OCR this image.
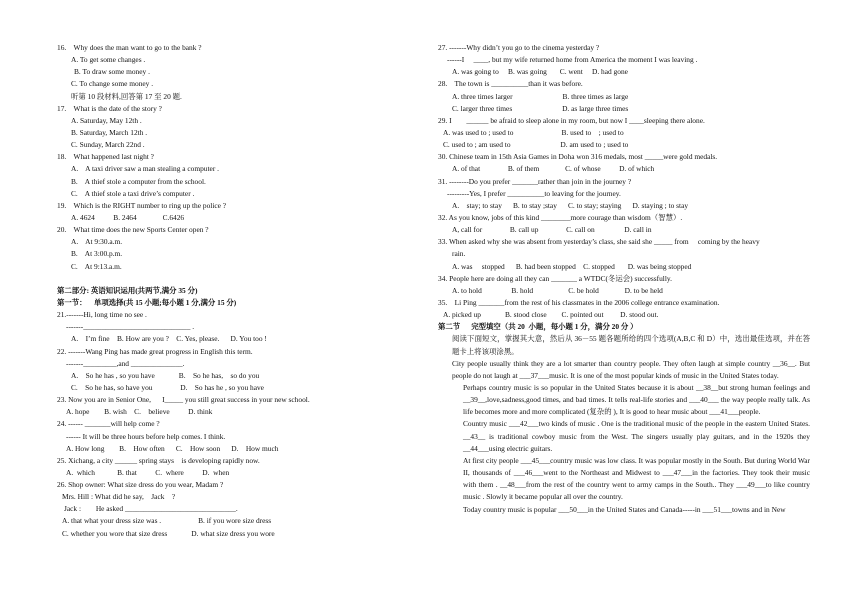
16.    Why does the man want to go to the bank ?
A. To get some changes .
B. To draw some money .
C. To change some money .
听第 10 段材料,回答第 17 至 20 题.
17.    What is the date of the story ?
A. Saturday, May 12th .
B. Saturday, March 12th .
C. Sunday, March 22nd .
18.    What happened last night ?
A.    A taxi driver saw a man stealing a computer .
B.    A thief stole a computer from the school.
C.    A thief stole a taxi drive’s computer .
19.    Which is the RIGHT number to ring up the police ?
A. 4624          B. 2464              C.6426
20.    What time does the new Sports Center open ?
A.    At 9:30.a.m.
B.    At 3:00.p.m.
C.    At 9:13.a.m.

第二部分: 英语知识运用(共两节,满分 35 分)
第一节：    单项选择(共 15 小题;每小题 1 分,满分 15 分)
21.-------Hi, long time no see .
-------_____________________________ .
A.    I’m fine    B. How are you ?    C. Yes, please.      D. You too !
22. -------Wang Ping has made great progress in English this term.
-------_________,and ______________.
A.    So he has , so you have             B.    So he has,    so do you
C.    So he has, so have you               D.    So has he , so you have
23. Now you are in Senior One,      I_____ you still great success in your new school.
A. hope        B. wish    C.    believe          D. think
24. ------ _______will help come ?
------ It will be three hours before help comes. I think.
A. How long        B.    How often      C.    How soon      D.    How much
25. Xichang, a city ______ spring stays    is developing rapidly now.
A.  which            B. that          C.  where          D.  when
26. Shop owner: What size dress do you wear, Madam ?
Mrs. Hill : What did he say,    Jack    ?
Jack :        He asked ______________________________.
A. that what your dress size was .                    B. if you wore size dress
C. whether you wore that size dress             D. what size dress you wore
27. -------Why didn’t you go to the cinema yesterday ?
------I     ____, but my wife returned home from America the moment I was leaving .
A. was going to     B. was going       C. went     D. had gone
28.    The town is __________than it was before.
A. three times larger                           B. three times as large
C. larger three times                           D. as large three times
29. I        ______ be afraid to sleep alone in my room, but now I ____sleeping there alone.
A. was used to ; used to                          B. used to    ; used to
C. used to ; am used to                           D. am used to ; used to
30. Chinese team in 15th Asia Games in Doha won 316 medals, most _____were gold medals.
A. of that               B. of them              C. of whose          D. of which
31. --------Do you prefer _______rather than join in the journey ?
---------Yes, I prefer __________to leaving for the journey.
A.    stay; to stay      B. to stay ;stay      C. to stay; staying      D. staying ; to stay
32. As you know, jobs of this kind ________more courage than wisdom（智慧）.
A, call for               B. call up               C. call on                D. call in
33. When asked why she was absent from yesterday’s class, she said she _____ from     coming by the heavy
rain.
A. was     stopped      B. had been stopped    C. stopped       D. was being stopped
34. People here are doing all they can _______ a WTDC(冬运会) successfully.
A. to hold                B. hold                   C. be hold              D. to be held
35.    Li Ping _______from the rest of his classmates in the 2006 college entrance examination.
A. picked up             B. stood close        C. pointed out         D. stood out.
第二节      完型填空（共 20  小题，每小题 1 分，满分 20 分 ）
阅读下面短文，掌握其大意，然后从 36－55 题各题所给的四个选项(A,B,C 和 D）中，选出最佳选项，并在答题卡上将该项涂黑。
City people usually think they are a lot smarter than country people. They often laugh at simple country __36__. But people do not laugh at ___37___music. It is one of the most popular kinds of music in the United States today.
Perhaps country music is so popular in the United States because it is about __38__but strong human feelings and __39__,love,sadness,good times, and bad times. It tells real-life stories and ___40___ the way people really talk. As life becomes more and more complicated (复杂的 ), It is good to hear music about ___41___people.
Country music ___42___two kinds of music . One is the traditional music of the people in the eastern United States. __43__ is traditional cowboy music from the West. The singers usually play guitars, and in the 1920s they __44___using electric guitars.
At first city people ___45___country music was low class. It was popular mostly in the South. But during World War II, thousands of ___46___went to the Northeast and Midwest to ___47___in the factories. They took their music with them . __48___from the rest of the country went to army camps in the South.. They ___49___to like country music . Slowly it became popular all over the country.
Today country music is popular ___50___in the United States and Canada-----in ___51___towns and in New
